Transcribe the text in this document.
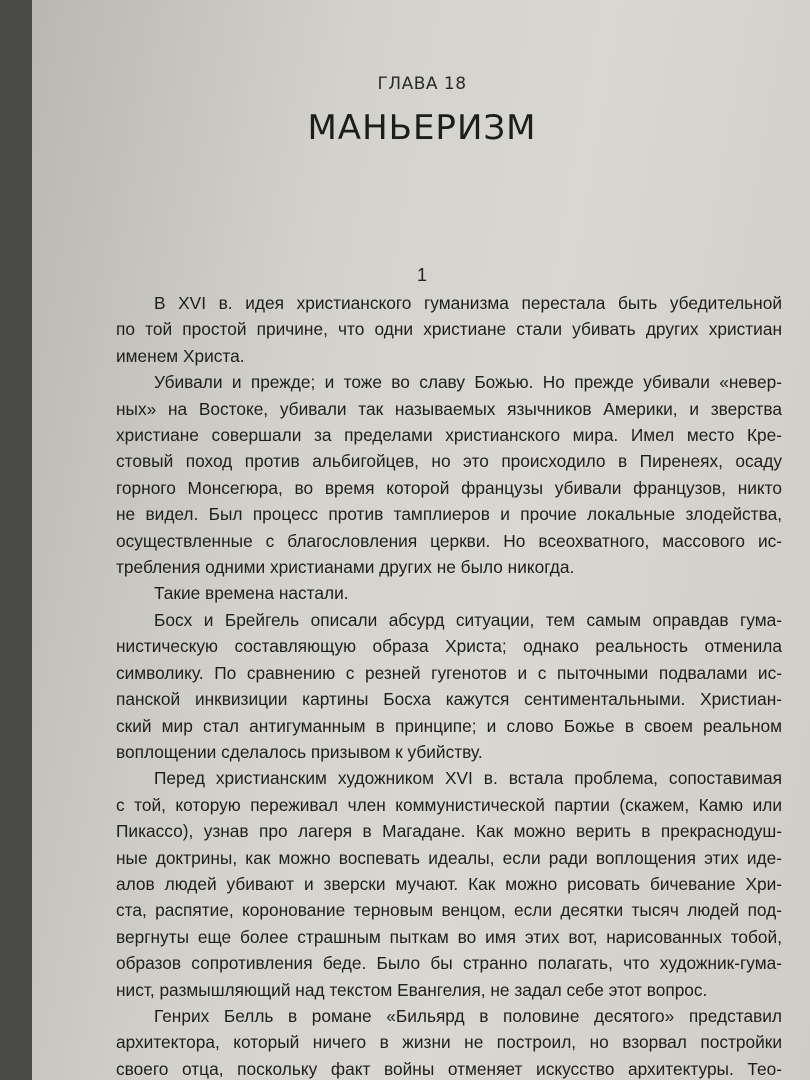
ГЛАВА 18
МАНЬЕРИЗМ
1
В XVI в. идея христианского гуманизма перестала быть убедительной
по той простой причине, что одни христиане стали убивать других христиан
именем Христа.
Убивали и прежде; и тоже во славу Божью. Но прежде убивали «невер-
ных» на Востоке, убивали так называемых язычников Америки, и зверства
христиане совершали за пределами христианского мира. Имел место Кре-
стовый поход против альбигойцев, но это происходило в Пиренеях, осаду
горного Монсегюра, во время которой французы убивали французов, никто
не видел. Был процесс против тамплиеров и прочие локальные злодейства,
осуществленные с благословления церкви. Но всеохватного, массового ис-
требления одними христианами других не было никогда.
Такие времена настали.
Босх и Брейгель описали абсурд ситуации, тем самым оправдав гума-
нистическую составляющую образа Христа; однако реальность отменила
символику. По сравнению с резней гугенотов и с пыточными подвалами ис-
панской инквизиции картины Босха кажутся сентиментальными. Христиан-
ский мир стал антигуманным в принципе; и слово Божье в своем реальном
воплощении сделалось призывом к убийству.
Перед христианским художником XVI в. встала проблема, сопоставимая
с той, которую переживал член коммунистической партии (скажем, Камю или
Пикассо), узнав про лагеря в Магадане. Как можно верить в прекраснодуш-
ные доктрины, как можно воспевать идеалы, если ради воплощения этих иде-
алов людей убивают и зверски мучают. Как можно рисовать бичевание Хри-
ста, распятие, коронование терновым венцом, если десятки тысяч людей под-
вергнуты еще более страшным пыткам во имя этих вот, нарисованных тобой,
образов сопротивления беде. Было бы странно полагать, что художник-гума-
нист, размышляющий над текстом Евангелия, не задал себе этот вопрос.
Генрих Белль в романе «Бильярд в половине десятого» представил
архитектора, который ничего в жизни не построил, но взорвал постройки
своего отца, поскольку факт войны отменяет искусство архитектуры. Тео-
